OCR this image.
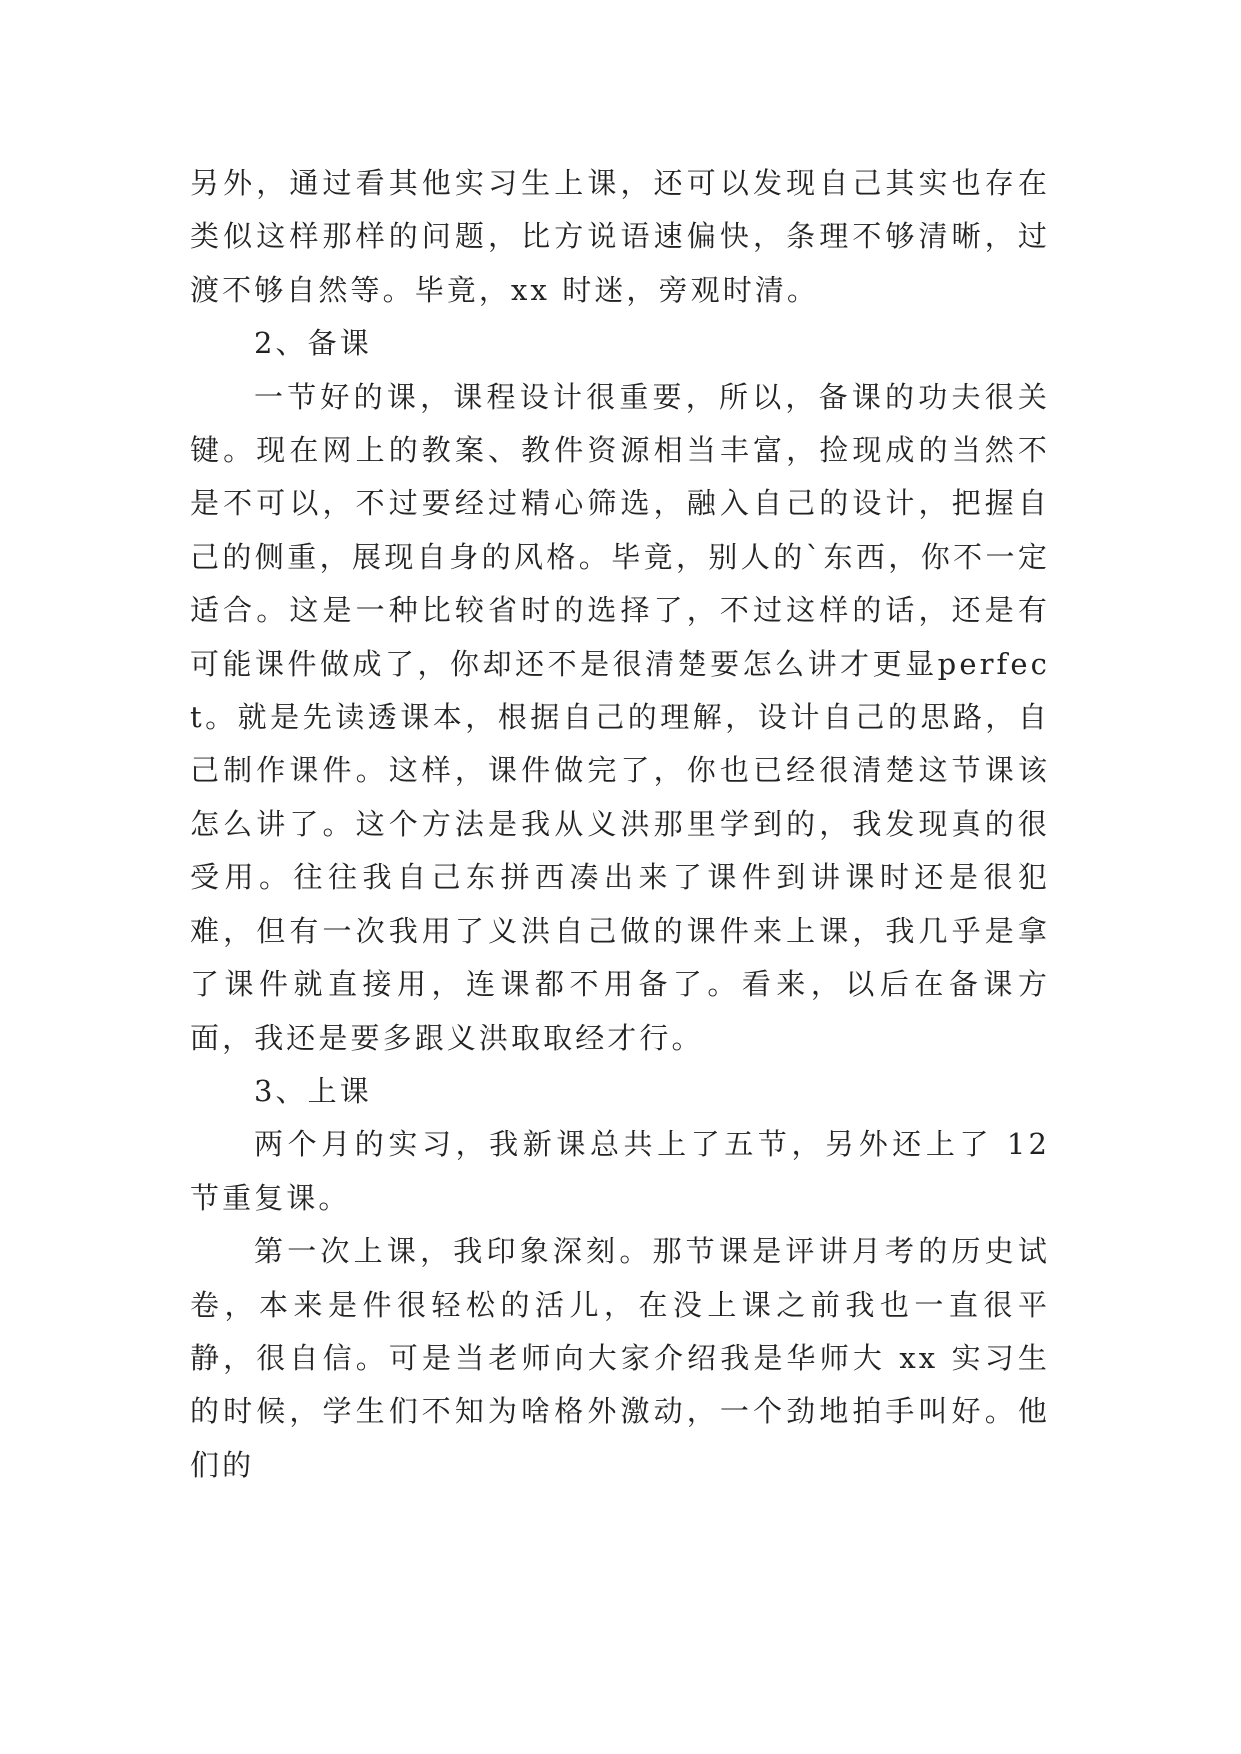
另外，通过看其他实习生上课，还可以发现自己其实也存在类似这样那样的问题，比方说语速偏快，条理不够清晰，过渡不够自然等。毕竟，xx 时迷，旁观时清。

2、备课

一节好的课，课程设计很重要，所以，备课的功夫很关键。现在网上的教案、教件资源相当丰富，捡现成的当然不是不可以，不过要经过精心筛选，融入自己的设计，把握自己的侧重，展现自身的风格。毕竟，别人的`东西，你不一定适合。这是一种比较省时的选择了，不过这样的话，还是有可能课件做成了，你却还不是很清楚要怎么讲才更显perfect。就是先读透课本，根据自己的理解，设计自己的思路，自己制作课件。这样，课件做完了，你也已经很清楚这节课该怎么讲了。这个方法是我从义洪那里学到的，我发现真的很受用。往往我自己东拼西凑出来了课件到讲课时还是很犯难，但有一次我用了义洪自己做的课件来上课，我几乎是拿了课件就直接用，连课都不用备了。看来，以后在备课方面，我还是要多跟义洪取取经才行。

3、上课

两个月的实习，我新课总共上了五节，另外还上了 12 节重复课。

第一次上课，我印象深刻。那节课是评讲月考的历史试卷，本来是件很轻松的活儿，在没上课之前我也一直很平静，很自信。可是当老师向大家介绍我是华师大 xx 实习生的时候，学生们不知为啥格外激动，一个劲地拍手叫好。他们的
